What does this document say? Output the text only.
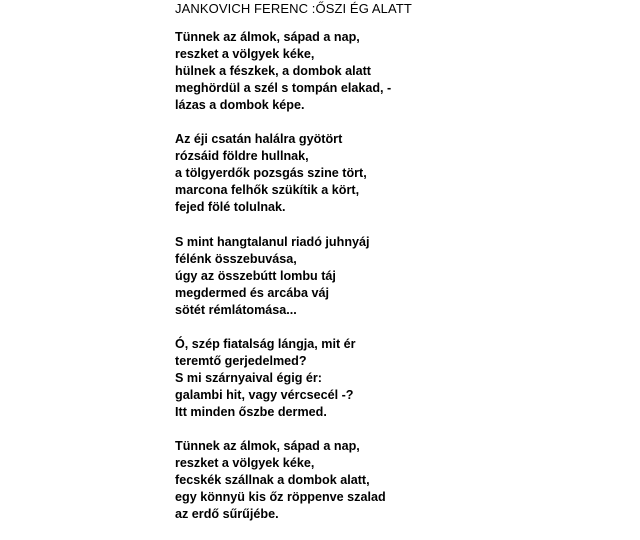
JANKOVICH FERENC :ŐSZI ÉG ALATT
Tünnek az álmok, sápad a nap,
reszket a völgyek kéke,
hülnek a fészkek, a dombok alatt
meghördül a szél s tompán elakad, -
lázas a dombok képe.
Az éji csatán halálra gyötört
rózsáid földre hullnak,
a tölgyerdők pozsgás szine tört,
marcona felhők szükítik a kört,
fejed fölé tolulnak.
S mint hangtalanul riadó juhnyáj
félénk összebuvása,
úgy az összebútt lombu táj
megdermed és arcába váj
sötét rémlátomása...
Ó, szép fiatalság lángja, mit ér
teremtő gerjedelmed?
S mi szárnyaival égig ér:
galambi hit, vagy vércsecél -?
Itt minden őszbe dermed.
Tünnek az álmok, sápad a nap,
reszket a völgyek kéke,
fecskék szállnak a dombok alatt,
egy könnyü kis őz röppenve szalad
az erdő sűrűjébe.
